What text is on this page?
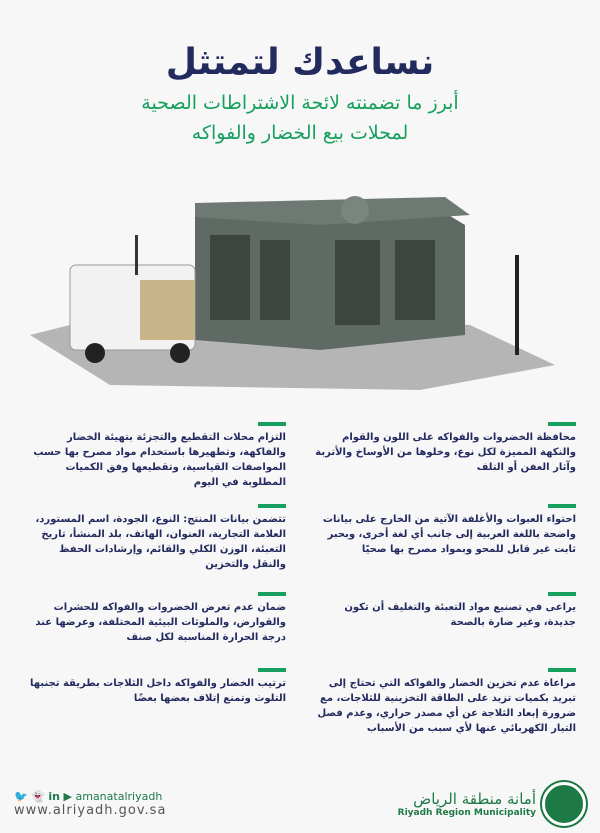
نساعدك لتمتثل
أبرز ما تضمنته لائحة الاشتراطات الصحية
لمحلات بيع الخضار والفواكه
محافظة الخضروات والفواكه على اللون والقوام والنكهة المميزة لكل نوع، وخلوها من الأوساخ والأتربة وآثار العفن أو التلف
احتواء العبوات والأغلفة الآتية من الخارج على بيانات واضحة باللغة العربية إلى جانب أي لغة أخرى، وبحبر ثابت غير قابل للمحو وبمواد مصرح بها صحيًا
يراعى في تصنيع مواد التعبئة والتغليف أن تكون جديدة، وغير ضارة بالصحة
مراعاة عدم تخزين الخضار والفواكه التي تحتاج إلى تبريد بكميات تزيد على الطاقة التخزينية للثلاجات، مع ضرورة إبعاد الثلاجة عن أي مصدر حراري، وعدم فصل التيار الكهربائي عنها لأي سبب من الأسباب
التزام محلات التقطيع والتجزئة بتهيئة الخضار والفاكهة، وتطهيرها باستخدام مواد مصرح بها حسب المواصفات القياسية، وتقطيعها وفق الكميات المطلوبة في اليوم
تتضمن بيانات المنتج: النوع، الجودة، اسم المستورد، العلامة التجارية، العنوان، الهاتف، بلد المنشأ، تاريخ التعبئة، الوزن الكلي والقائم، وإرشادات الحفظ والنقل والتخزين
ضمان عدم تعرض الخضروات والفواكه للحشرات والقوارض، والملوثات البيئية المختلفة، وعرضها عند درجة الحرارة المناسبة لكل صنف
ترتيب الخضار والفواكه داخل الثلاجات بطريقة تجنبها التلوث وتمنع إتلاف بعضها بعضًا
🐦 👻 in ▶ amanatalriyadh
www.alriyadh.gov.sa
أمانة منطقة الرياض
Riyadh Region Municipality
